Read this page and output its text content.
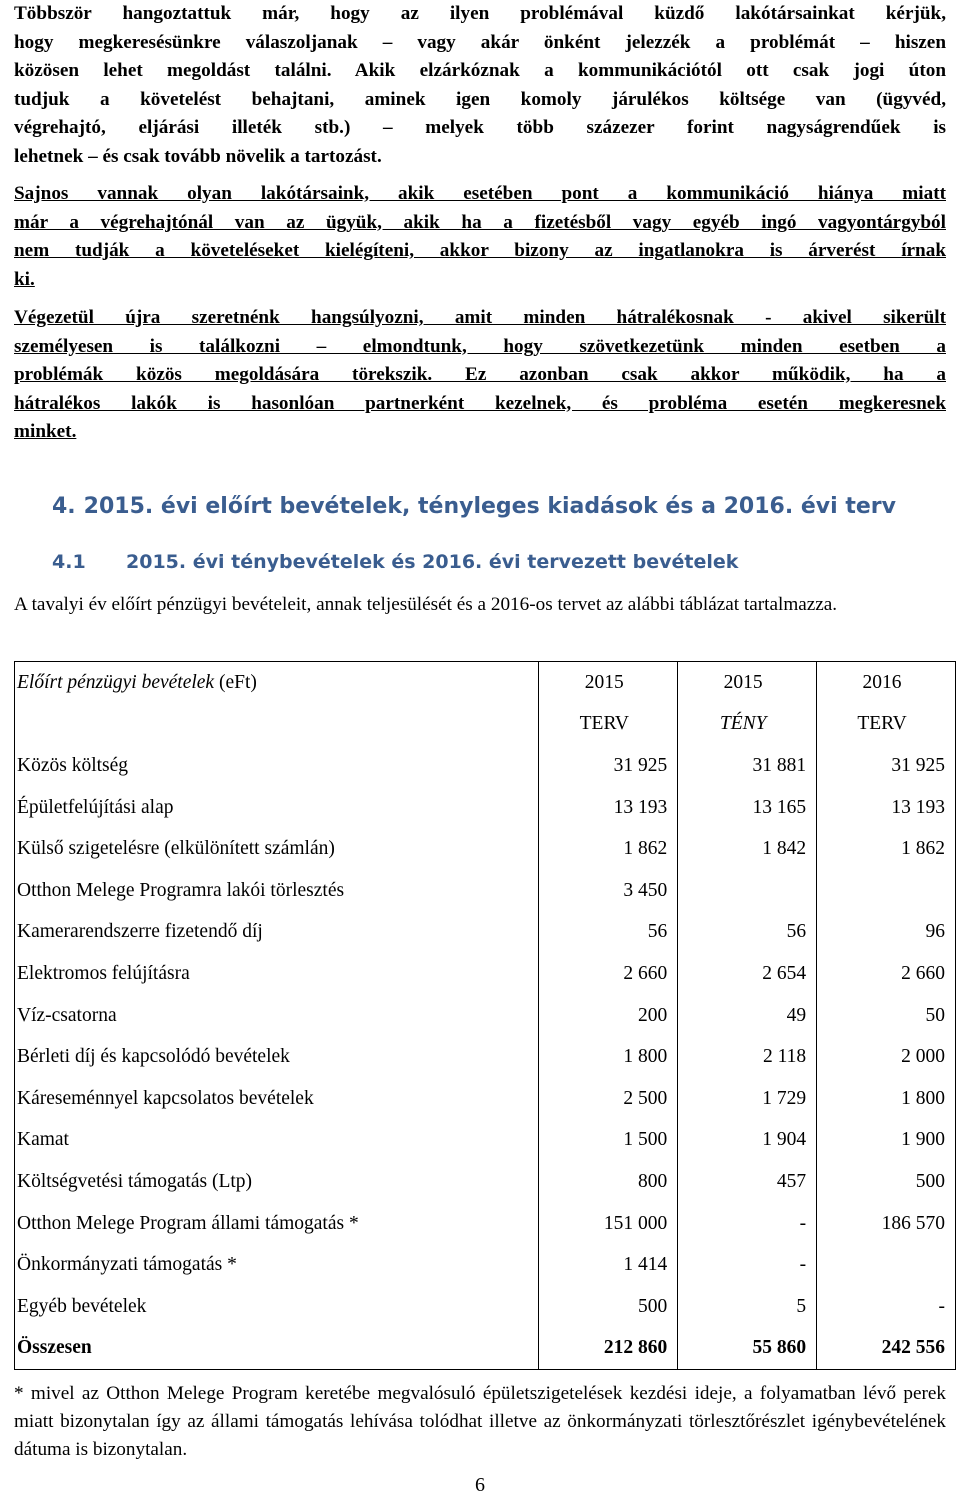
Többször hangoztattuk már, hogy az ilyen problémával küzdő lakótársainkat kérjük,
hogy megkeresésünkre válaszoljanak – vagy akár önként jelezzék a problémát – hiszen
közösen lehet megoldást találni. Akik elzárkóznak a kommunikációtól ott csak jogi úton
tudjuk a követelést behajtani, aminek igen komoly járulékos költsége van (ügyvéd,
végrehajtó, eljárási illeték stb.) – melyek több százezer forint nagyságrendűek is
lehetnek – és csak tovább növelik a tartozást.
Sajnos vannak olyan lakótársaink, akik esetében pont a kommunikáció hiánya miatt
már a végrehajtónál van az ügyük, akik ha a fizetésből vagy egyéb ingó vagyontárgyból
nem tudják a követeléseket kielégíteni, akkor bizony az ingatlanokra is árverést írnak
ki.
Végezetül újra szeretnénk hangsúlyozni, amit minden hátralékosnak - akivel sikerült
személyesen is találkozni – elmondtunk, hogy szövetkezetünk minden esetben a
problémák közös megoldására törekszik. Ez azonban csak akkor működik, ha a
hátralékos lakók is hasonlóan partnerként kezelnek, és probléma esetén megkeresnek
minket.
4. 2015. évi előírt bevételek, tényleges kiadások és a 2016. évi terv
4.1 2015. évi ténybevételek és 2016. évi tervezett bevételek

A tavalyi év előírt pénzügyi bevételeit, annak teljesülését és a 2016-os tervet az alábbi táblázat tartalmazza.

Előírt pénzügyi bevételek (eFt)	2015	2015	2016
	TERV	TÉNY	TERV
Közös költség	31 925	31 881	31 925
Épületfelújítási alap	13 193	13 165	13 193
Külső szigetelésre (elkülönített számlán)	1 862	1 842	1 862
Otthon Melege Programra lakói törlesztés	3 450		
Kamerarendszerre fizetendő díj	56	56	96
Elektromos felújításra	2 660	2 654	2 660
Víz-csatorna	200	49	50
Bérleti díj és kapcsolódó bevételek	1 800	2 118	2 000
Káreseménnyel kapcsolatos bevételek	2 500	1 729	1 800
Kamat	1 500	1 904	1 900
Költségvetési támogatás (Ltp)	800	457	500
Otthon Melege Program állami támogatás *	151 000	-	186 570
Önkormányzati támogatás *	1 414	-	
Egyéb bevételek	500	5	-
Összesen	212 860	55 860	242 556

* mivel az Otthon Melege Program keretébe megvalósuló épületszigetelések kezdési ideje, a folyamatban lévő perek miatt bizonytalan így az állami támogatás lehívása tolódhat illetve az önkormányzati törlesztőrészlet igénybevételének dátuma is bizonytalan.

6
